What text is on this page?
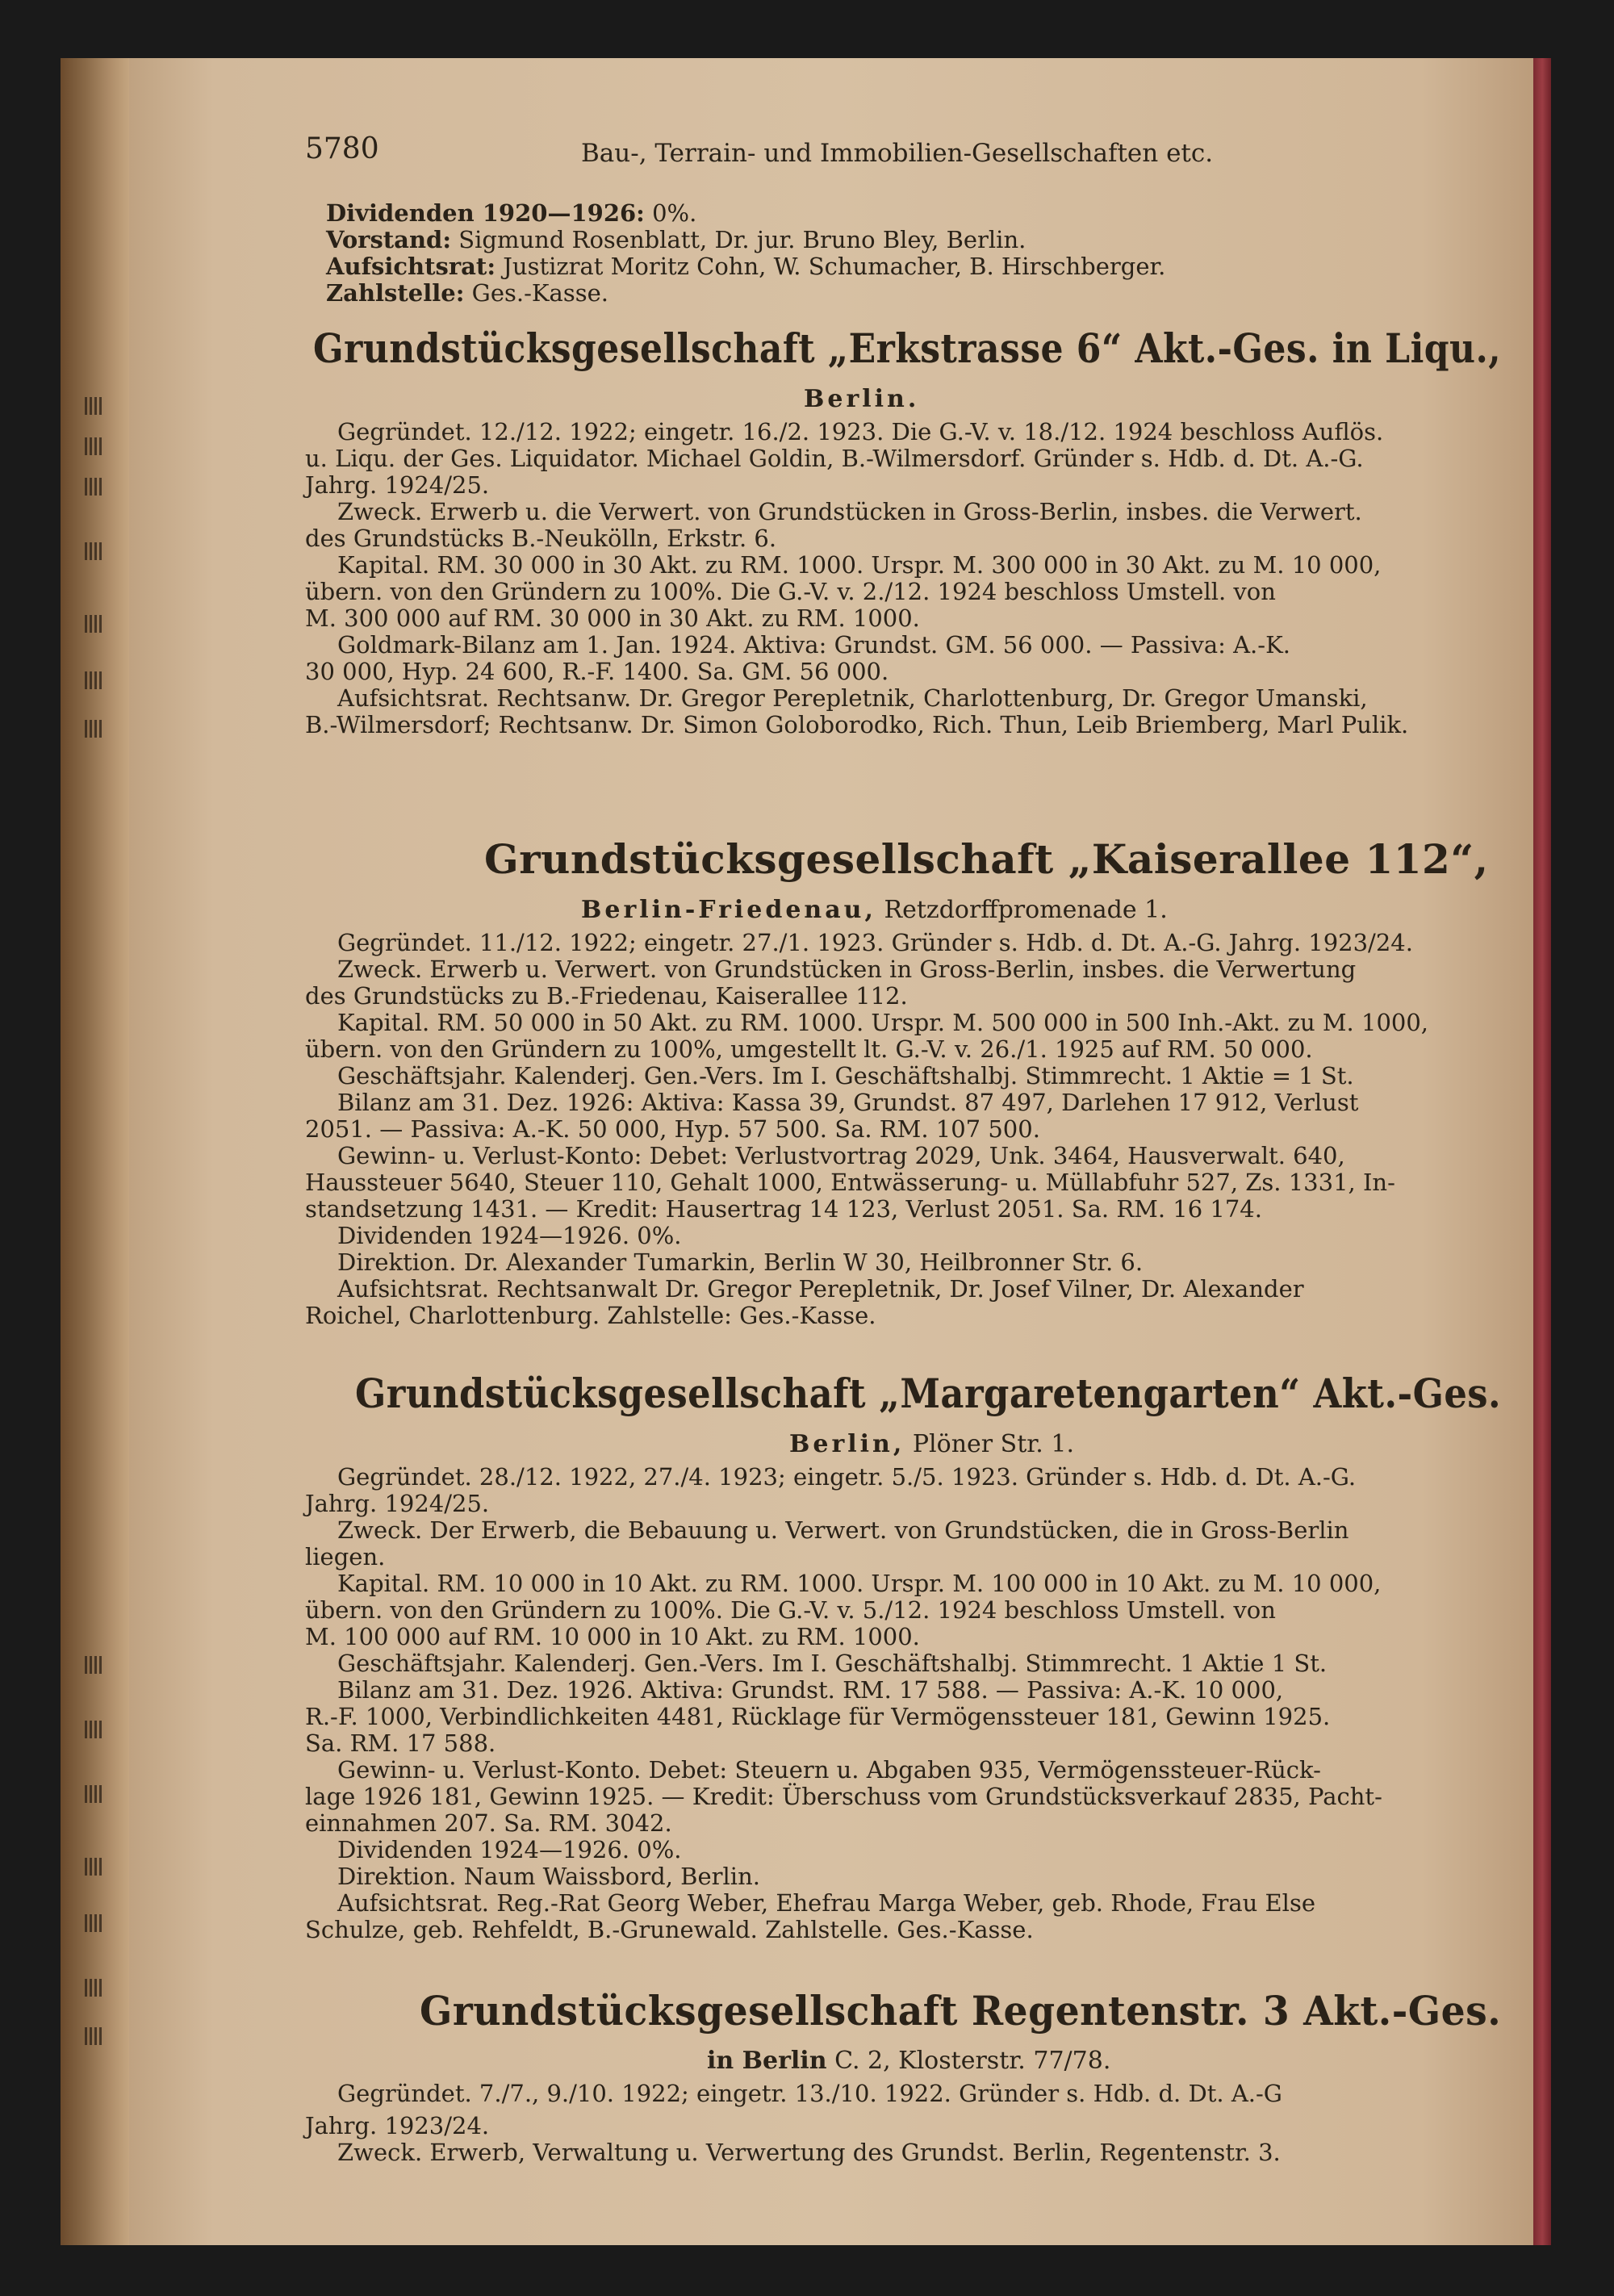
5780	Bau-, Terrain- und Immobilien-Gesellschaften etc.
Dividenden 1920—1926: 0%.
Vorstand: Sigmund Rosenblatt, Dr. jur. Bruno Bley, Berlin.
Aufsichtsrat: Justizrat Moritz Cohn, W. Schumacher, B. Hirschberger.
Zahlstelle: Ges.-Kasse.
Grundstücksgesellschaft „Erkstrasse 6“ Akt.-Ges. in Liqu.,
Berlin.
Gegründet. 12./12. 1922; eingetr. 16./2. 1923. Die G.-V. v. 18./12. 1924 beschloss Auflös.
u. Liqu. der Ges. Liquidator. Michael Goldin, B.-Wilmersdorf. Gründer s. Hdb. d. Dt. A.-G.
Jahrg. 1924/25.
Zweck. Erwerb u. die Verwert. von Grundstücken in Gross-Berlin, insbes. die Verwert.
des Grundstücks B.-Neukölln, Erkstr. 6.
Kapital. RM. 30 000 in 30 Akt. zu RM. 1000. Urspr. M. 300 000 in 30 Akt. zu M. 10 000,
übern. von den Gründern zu 100%. Die G.-V. v. 2./12. 1924 beschloss Umstell. von
M. 300 000 auf RM. 30 000 in 30 Akt. zu RM. 1000.
Goldmark-Bilanz am 1. Jan. 1924. Aktiva: Grundst. GM. 56 000. — Passiva: A.-K.
30 000, Hyp. 24 600, R.-F. 1400. Sa. GM. 56 000.
Aufsichtsrat. Rechtsanw. Dr. Gregor Perepletnik, Charlottenburg, Dr. Gregor Umanski,
B.-Wilmersdorf; Rechtsanw. Dr. Simon Goloborodko, Rich. Thun, Leib Briemberg, Marl Pulik.
Grundstücksgesellschaft „Kaiserallee 112“,
Berlin-Friedenau, Retzdorffpromenade 1.
Gegründet. 11./12. 1922; eingetr. 27./1. 1923. Gründer s. Hdb. d. Dt. A.-G. Jahrg. 1923/24.
Zweck. Erwerb u. Verwert. von Grundstücken in Gross-Berlin, insbes. die Verwertung
des Grundstücks zu B.-Friedenau, Kaiserallee 112.
Kapital. RM. 50 000 in 50 Akt. zu RM. 1000. Urspr. M. 500 000 in 500 Inh.-Akt. zu M. 1000,
übern. von den Gründern zu 100%, umgestellt lt. G.-V. v. 26./1. 1925 auf RM. 50 000.
Geschäftsjahr. Kalenderj. Gen.-Vers. Im I. Geschäftshalbj. Stimmrecht. 1 Aktie = 1 St.
Bilanz am 31. Dez. 1926: Aktiva: Kassa 39, Grundst. 87 497, Darlehen 17 912, Verlust
2051. — Passiva: A.-K. 50 000, Hyp. 57 500. Sa. RM. 107 500.
Gewinn- u. Verlust-Konto: Debet: Verlustvortrag 2029, Unk. 3464, Hausverwalt. 640,
Haussteuer 5640, Steuer 110, Gehalt 1000, Entwässerung- u. Müllabfuhr 527, Zs. 1331, In-
standsetzung 1431. — Kredit: Hausertrag 14 123, Verlust 2051. Sa. RM. 16 174.
Dividenden 1924—1926. 0%.
Direktion. Dr. Alexander Tumarkin, Berlin W 30, Heilbronner Str. 6.
Aufsichtsrat. Rechtsanwalt Dr. Gregor Perepletnik, Dr. Josef Vilner, Dr. Alexander
Roichel, Charlottenburg. Zahlstelle: Ges.-Kasse.
Grundstücksgesellschaft „Margaretengarten“ Akt.-Ges.
Berlin, Plöner Str. 1.
Gegründet. 28./12. 1922, 27./4. 1923; eingetr. 5./5. 1923. Gründer s. Hdb. d. Dt. A.-G.
Jahrg. 1924/25.
Zweck. Der Erwerb, die Bebauung u. Verwert. von Grundstücken, die in Gross-Berlin
liegen.
Kapital. RM. 10 000 in 10 Akt. zu RM. 1000. Urspr. M. 100 000 in 10 Akt. zu M. 10 000,
übern. von den Gründern zu 100%. Die G.-V. v. 5./12. 1924 beschloss Umstell. von
M. 100 000 auf RM. 10 000 in 10 Akt. zu RM. 1000.
Geschäftsjahr. Kalenderj. Gen.-Vers. Im I. Geschäftshalbj. Stimmrecht. 1 Aktie 1 St.
Bilanz am 31. Dez. 1926. Aktiva: Grundst. RM. 17 588. — Passiva: A.-K. 10 000,
R.-F. 1000, Verbindlichkeiten 4481, Rücklage für Vermögenssteuer 181, Gewinn 1925.
Sa. RM. 17 588.
Gewinn- u. Verlust-Konto. Debet: Steuern u. Abgaben 935, Vermögenssteuer-Rück-
lage 1926 181, Gewinn 1925. — Kredit: Überschuss vom Grundstücksverkauf 2835, Pacht-
einnahmen 207. Sa. RM. 3042.
Dividenden 1924—1926. 0%.
Direktion. Naum Waissbord, Berlin.
Aufsichtsrat. Reg.-Rat Georg Weber, Ehefrau Marga Weber, geb. Rhode, Frau Else
Schulze, geb. Rehfeldt, B.-Grunewald. Zahlstelle. Ges.-Kasse.
Grundstücksgesellschaft Regentenstr. 3 Akt.-Ges.
in Berlin C. 2, Klosterstr. 77/78.
Gegründet. 7./7., 9./10. 1922; eingetr. 13./10. 1922. Gründer s. Hdb. d. Dt. A.-G
Jahrg. 1923/24.
Zweck. Erwerb, Verwaltung u. Verwertung des Grundst. Berlin, Regentenstr. 3.
